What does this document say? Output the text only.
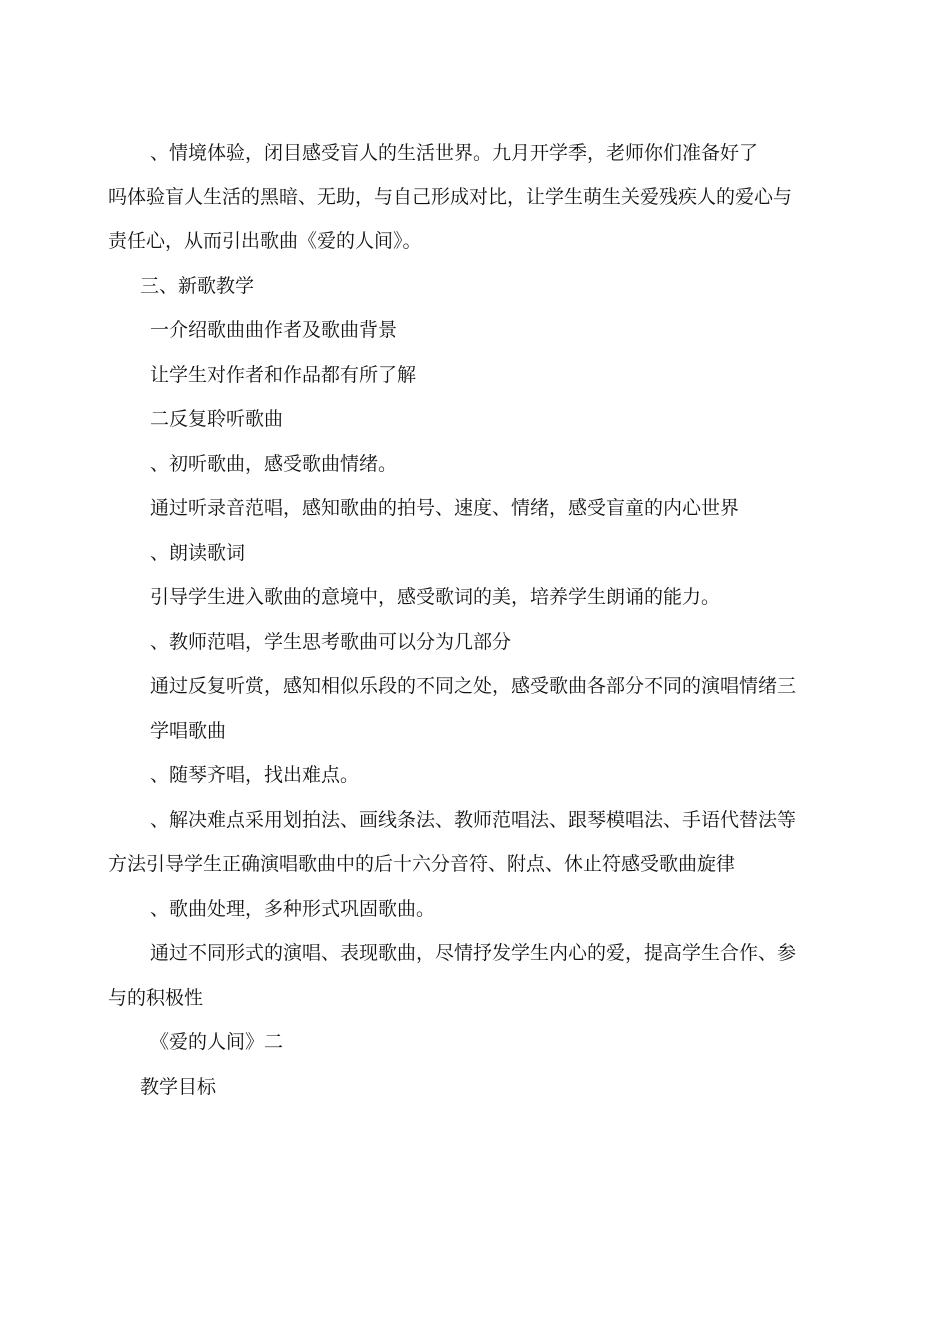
、情境体验，闭目感受盲人的生活世界。九月开学季，老师你们准备好了
吗体验盲人生活的黑暗、无助，与自己形成对比，让学生萌生关爱残疾人的爱心与
责任心，从而引出歌曲《爱的人间》。
三、新歌教学
一介绍歌曲曲作者及歌曲背景
让学生对作者和作品都有所了解
二反复聆听歌曲
、初听歌曲，感受歌曲情绪。
通过听录音范唱，感知歌曲的拍号、速度、情绪，感受盲童的内心世界
、朗读歌词
引导学生进入歌曲的意境中，感受歌词的美，培养学生朗诵的能力。
、教师范唱，学生思考歌曲可以分为几部分
通过反复听赏，感知相似乐段的不同之处，感受歌曲各部分不同的演唱情绪三
学唱歌曲
、随琴齐唱，找出难点。
、解决难点采用划拍法、画线条法、教师范唱法、跟琴模唱法、手语代替法等
方法引导学生正确演唱歌曲中的后十六分音符、附点、休止符感受歌曲旋律
、歌曲处理，多种形式巩固歌曲。
通过不同形式的演唱、表现歌曲，尽情抒发学生内心的爱，提高学生合作、参
与的积极性
《爱的人间》二
教学目标
